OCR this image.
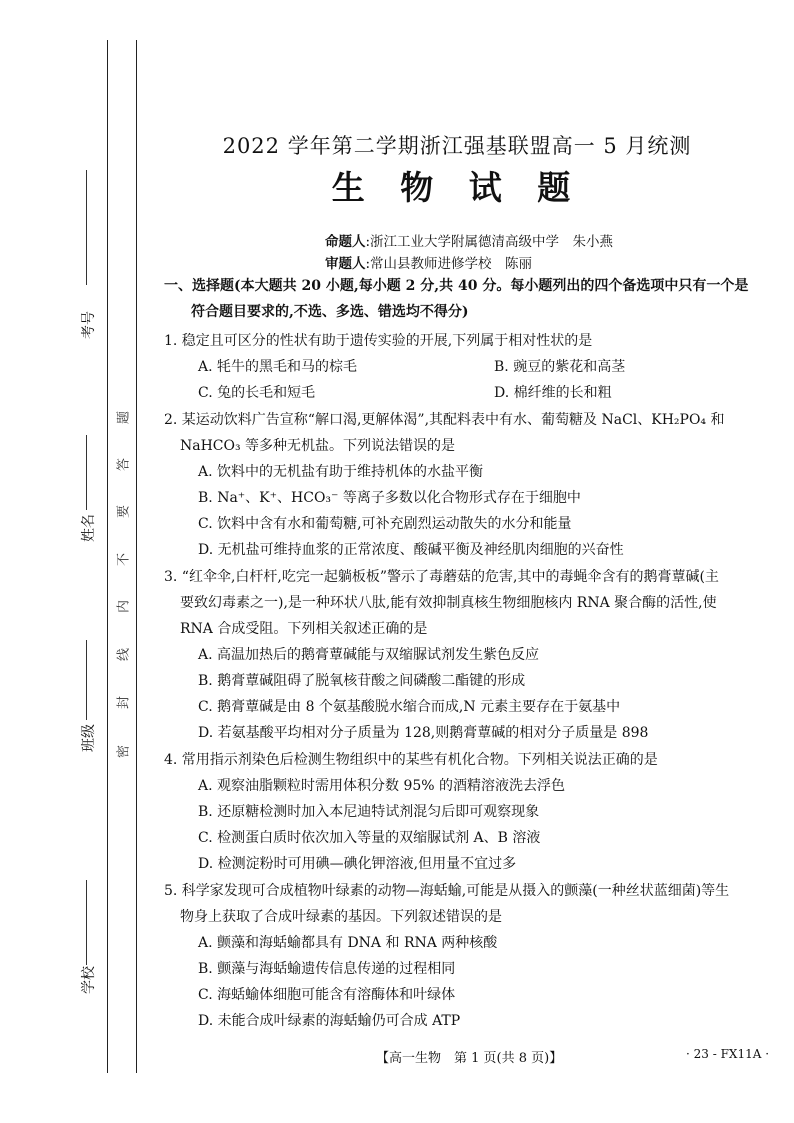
考号
姓名
班级
学校
题
答
要
不
内
线
封
密
2022 学年第二学期浙江强基联盟高一 5 月统测
生 物 试 题
命题人:浙江工业大学附属德清高级中学　朱小燕
审题人:常山县教师进修学校　陈丽
一、选择题(本大题共 20 小题,每小题 2 分,共 40 分。每小题列出的四个备选项中只有一个是
符合题目要求的,不选、多选、错选均不得分)
1. 稳定且可区分的性状有助于遗传实验的开展,下列属于相对性状的是
A. 牦牛的黑毛和马的棕毛	B. 豌豆的紫花和高茎
C. 兔的长毛和短毛	D. 棉纤维的长和粗
2. 某运动饮料广告宣称“解口渴,更解体渴”,其配料表中有水、葡萄糖及 NaCl、KH₂PO₄ 和
NaHCO₃ 等多种无机盐。下列说法错误的是
A. 饮料中的无机盐有助于维持机体的水盐平衡
B. Na⁺、K⁺、HCO₃⁻ 等离子多数以化合物形式存在于细胞中
C. 饮料中含有水和葡萄糖,可补充剧烈运动散失的水分和能量
D. 无机盐可维持血浆的正常浓度、酸碱平衡及神经肌肉细胞的兴奋性
3. “红伞伞,白杆杆,吃完一起躺板板”警示了毒蘑菇的危害,其中的毒蝇伞含有的鹅膏蕈碱(主
要致幻毒素之一),是一种环状八肽,能有效抑制真核生物细胞核内 RNA 聚合酶的活性,使
RNA 合成受阻。下列相关叙述正确的是
A. 高温加热后的鹅膏蕈碱能与双缩脲试剂发生紫色反应
B. 鹅膏蕈碱阻碍了脱氧核苷酸之间磷酸二酯键的形成
C. 鹅膏蕈碱是由 8 个氨基酸脱水缩合而成,N 元素主要存在于氨基中
D. 若氨基酸平均相对分子质量为 128,则鹅膏蕈碱的相对分子质量是 898
4. 常用指示剂染色后检测生物组织中的某些有机化合物。下列相关说法正确的是
A. 观察油脂颗粒时需用体积分数 95% 的酒精溶液洗去浮色
B. 还原糖检测时加入本尼迪特试剂混匀后即可观察现象
C. 检测蛋白质时依次加入等量的双缩脲试剂 A、B 溶液
D. 检测淀粉时可用碘—碘化钾溶液,但用量不宜过多
5. 科学家发现可合成植物叶绿素的动物—海蛞蝓,可能是从摄入的颤藻(一种丝状蓝细菌)等生
物身上获取了合成叶绿素的基因。下列叙述错误的是
A. 颤藻和海蛞蝓都具有 DNA 和 RNA 两种核酸
B. 颤藻与海蛞蝓遗传信息传递的过程相同
C. 海蛞蝓体细胞可能含有溶酶体和叶绿体
D. 未能合成叶绿素的海蛞蝓仍可合成 ATP
【高一生物　第 1 页(共 8 页)】	· 23 - FX11A ·
